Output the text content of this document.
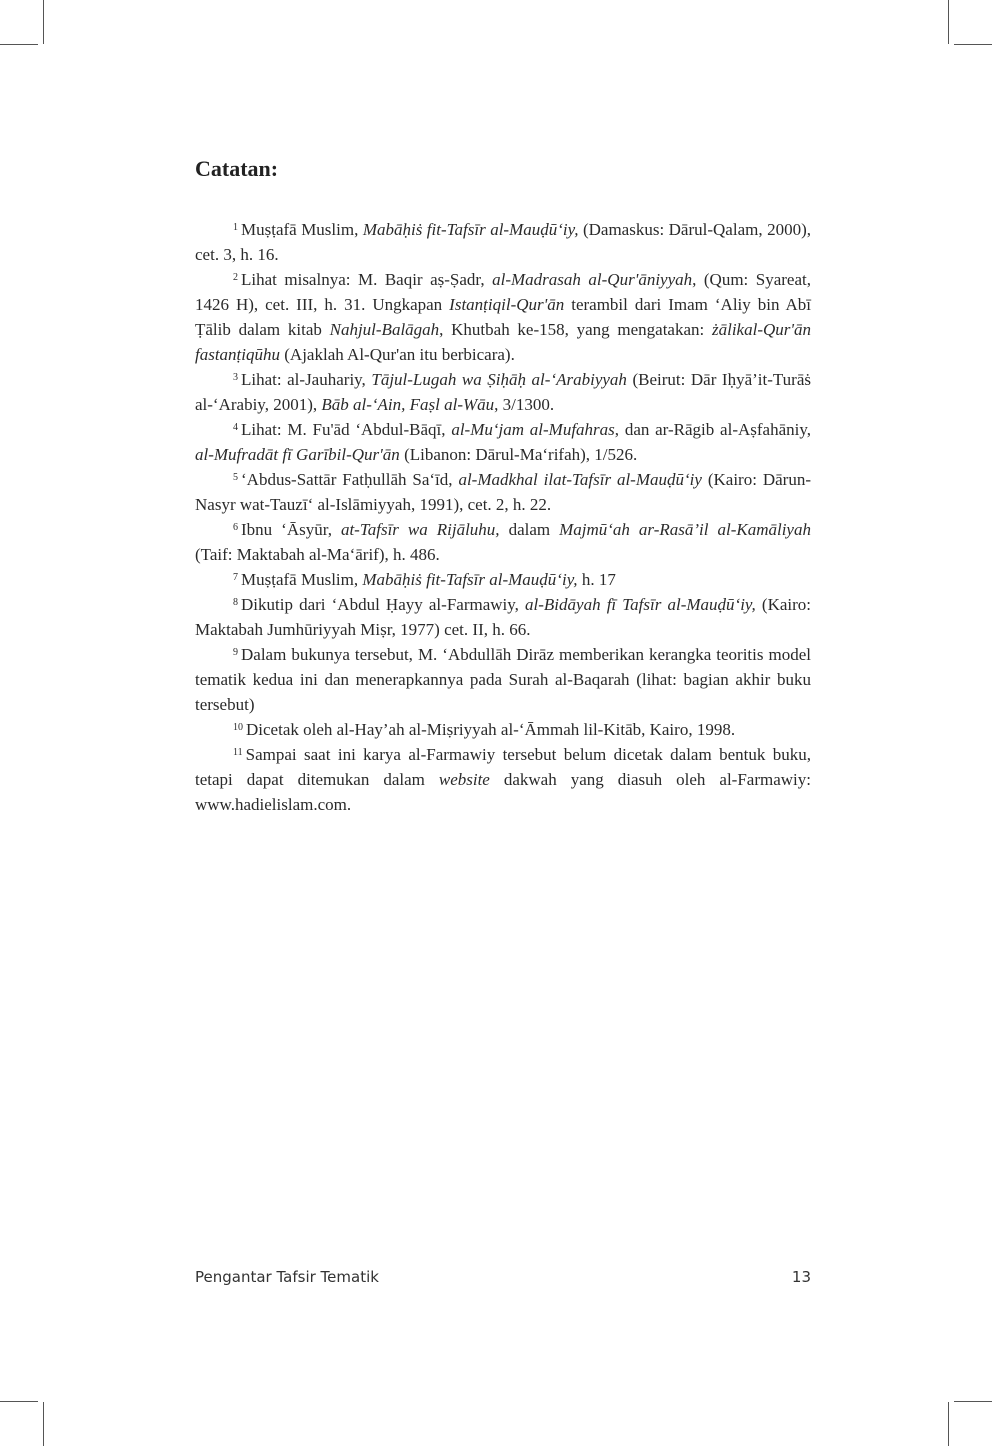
Catatan:

$^1$ Muṣṭafā Muslim, Mabāḥiṡ fit-Tafsīr al-Mauḍū‘iy, (Damaskus: Dārul-Qalam, 2000), cet. 3, h. 16.

$^2$ Lihat misalnya: M. Baqir aṣ-Ṣadr, al-Madrasah al-Qur'āniyyah, (Qum: Syareat, 1426 H), cet. III, h. 31. Ungkapan Istanṭiqil-Qur'ān terambil dari Imam ‘Aliy bin Abī Ṭālib dalam kitab Nahjul-Balāgah, Khutbah ke-158, yang mengatakan: żālikal-Qur'ān fastanṭiqūhu (Ajaklah Al-Qur'an itu berbicara).

$^3$ Lihat: al-Jauhariy, Tājul-Lugah wa Ṣiḥāḥ al-‘Arabiyyah (Beirut: Dār Iḥyā’it-Turāṡ al-‘Arabiy, 2001), Bāb al-‘Ain, Faṣl al-Wāu, 3/1300.

$^4$ Lihat: M. Fu'ād ‘Abdul-Bāqī, al-Mu‘jam al-Mufahras, dan ar-Rāgib al-Aṣfahāniy, al-Mufradāt fī Garībil-Qur'ān (Libanon: Dārul-Ma‘rifah), 1/526.

$^5$ ‘Abdus-Sattār Fatḥullāh Sa‘īd, al-Madkhal ilat-Tafsīr al-Mauḍū‘iy (Kairo: Dārun-Nasyr wat-Tauzī‘ al-Islāmiyyah, 1991), cet. 2, h. 22.

$^6$ Ibnu ‘Āsyūr, at-Tafsīr wa Rijāluhu, dalam Majmū‘ah ar-Rasā’il al-Kamāliyah (Taif: Maktabah al-Ma‘ārif), h. 486.

$^7$ Muṣṭafā Muslim, Mabāḥiṡ fit-Tafsīr al-Mauḍū‘iy, h. 17

$^8$ Dikutip dari ‘Abdul Ḥayy al-Farmawiy, al-Bidāyah fī Tafsīr al-Mauḍū‘iy, (Kairo: Maktabah Jumhūriyyah Miṣr, 1977) cet. II, h. 66.

$^9$ Dalam bukunya tersebut, M. ‘Abdullāh Dirāz memberikan kerangka teoritis model tematik kedua ini dan menerapkannya pada Surah al-Baqarah (lihat: bagian akhir buku tersebut)

$^{10}$ Dicetak oleh al-Hay’ah al-Miṣriyyah al-‘Āmmah lil-Kitāb, Kairo, 1998.

$^{11}$ Sampai saat ini karya al-Farmawiy tersebut belum dicetak dalam bentuk buku, tetapi dapat ditemukan dalam website dakwah yang diasuh oleh al-Farmawiy: www.hadielislam.com.

Pengantar Tafsir Tematik	13
